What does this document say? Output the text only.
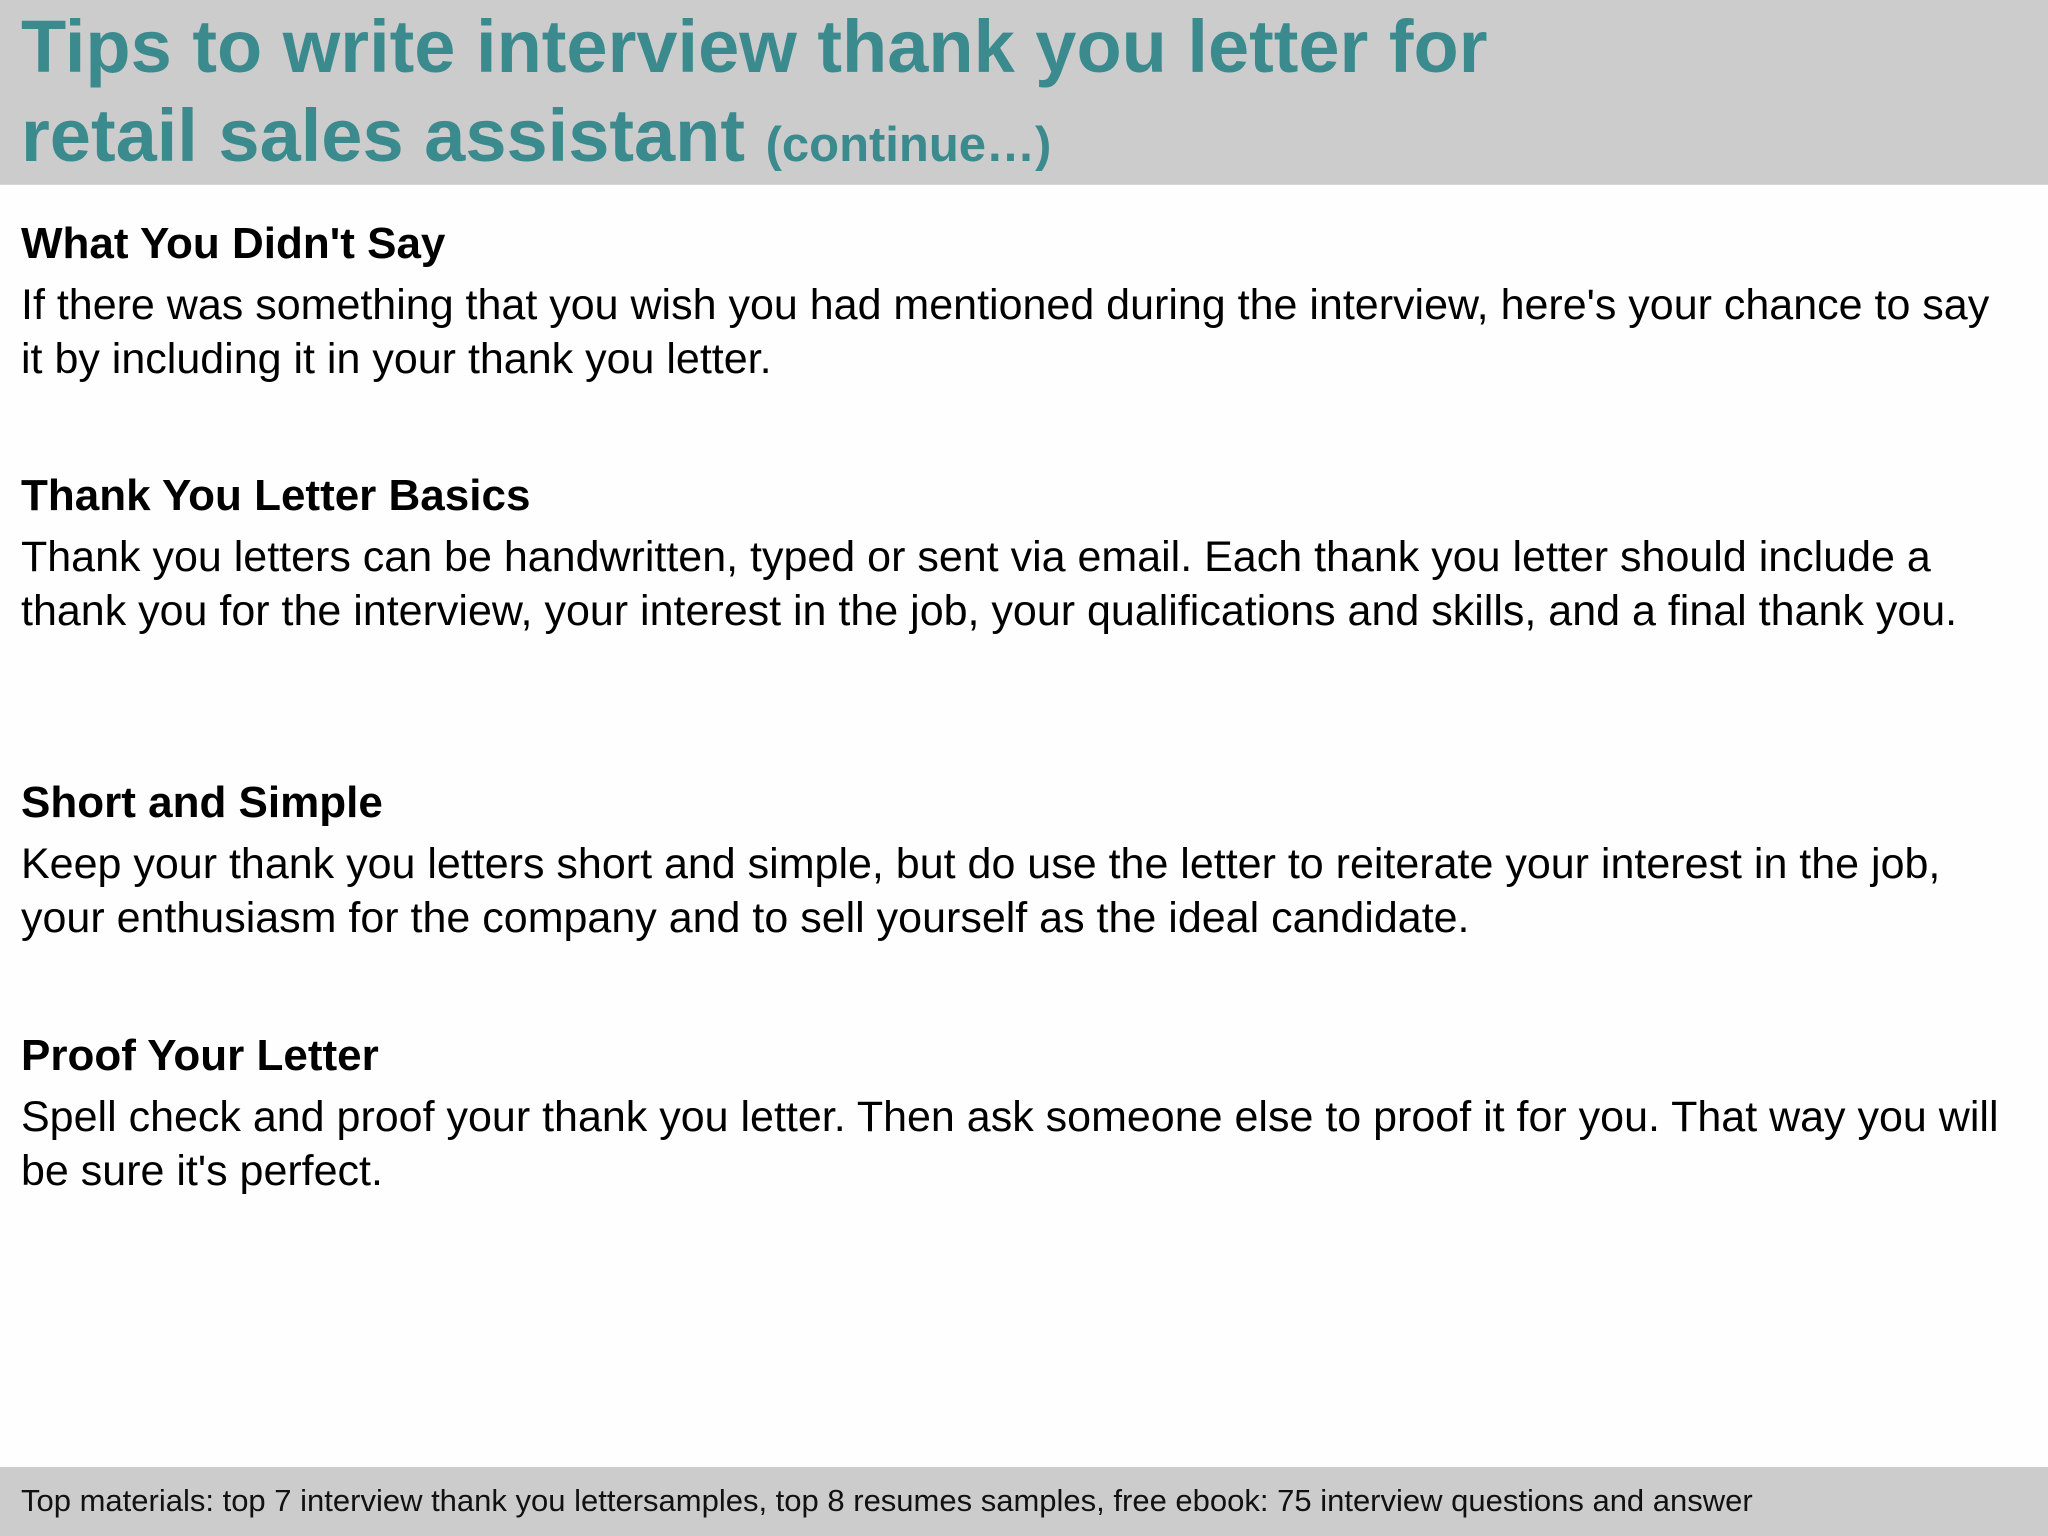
Tips to write interview thank you letter for
retail sales assistant (continue…)
What You Didn't Say

If there was something that you wish you had mentioned during the interview, here's your chance to say it by including it in your thank you letter.

Thank You Letter Basics

Thank you letters can be handwritten, typed or sent via email. Each thank you letter should include a thank you for the interview, your interest in the job, your qualifications and skills, and a final thank you.

Short and Simple

Keep your thank you letters short and simple, but do use the letter to reiterate your interest in the job, your enthusiasm for the company and to sell yourself as the ideal candidate.

Proof Your Letter

Spell check and proof your thank you letter. Then ask someone else to proof it for you. That way you will be sure it's perfect.

Top materials: top 7 interview thank you lettersamples, top 8 resumes samples, free ebook: 75 interview questions and answer
